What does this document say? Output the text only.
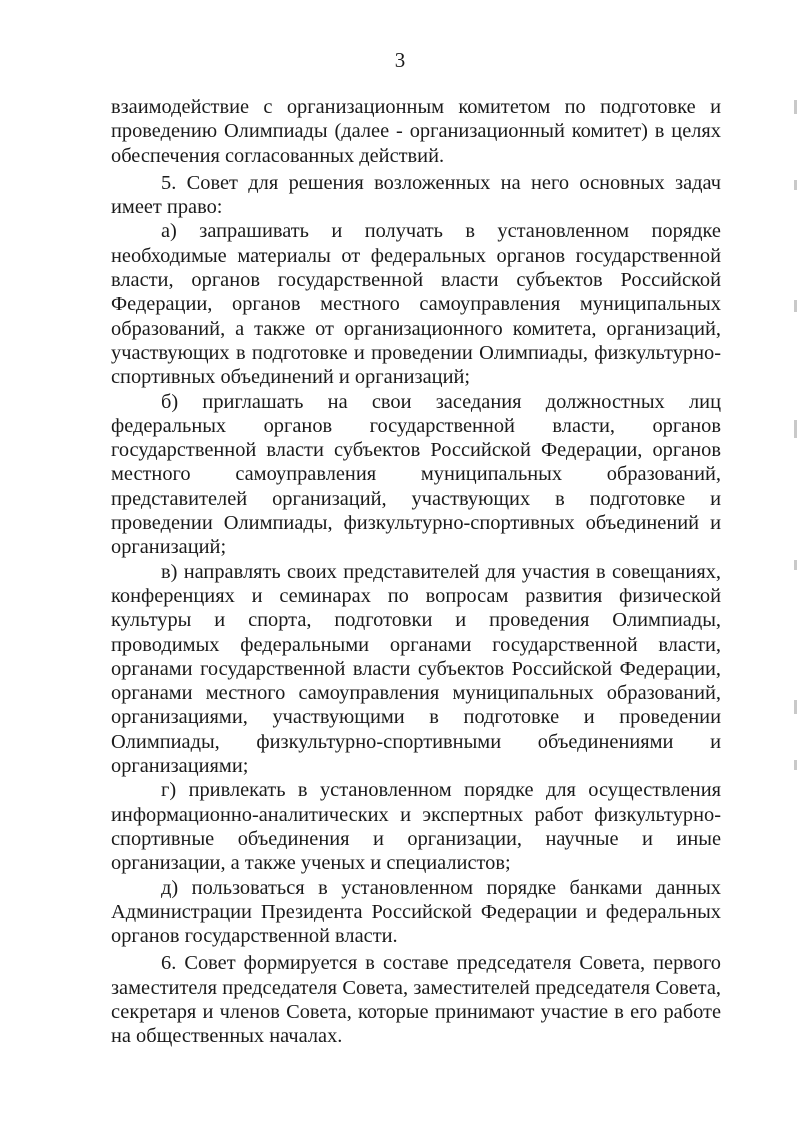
3

взаимодействие с организационным комитетом по подготовке и проведению Олимпиады (далее - организационный комитет) в целях обеспечения согласованных действий.

5. Совет для решения возложенных на него основных задач имеет право:

а) запрашивать и получать в установленном порядке необходимые материалы от федеральных органов государственной власти, органов государственной власти субъектов Российской Федерации, органов местного самоуправления муниципальных образований, а также от организационного комитета, организаций, участвующих в подготовке и проведении Олимпиады, физкультурно-спортивных объединений и организаций;

б) приглашать на свои заседания должностных лиц федеральных органов государственной власти, органов государственной власти субъектов Российской Федерации, органов местного самоуправления муниципальных образований, представителей организаций, участвующих в подготовке и проведении Олимпиады, физкультурно-спортивных объединений и организаций;

в) направлять своих представителей для участия в совещаниях, конференциях и семинарах по вопросам развития физической культуры и спорта, подготовки и проведения Олимпиады, проводимых федеральными органами государственной власти, органами государственной власти субъектов Российской Федерации, органами местного самоуправления муниципальных образований, организациями, участвующими в подготовке и проведении Олимпиады, физкультурно-спортивными объединениями и организациями;

г) привлекать в установленном порядке для осуществления информационно-аналитических и экспертных работ физкультурно-спортивные объединения и организации, научные и иные организации, а также ученых и специалистов;

д) пользоваться в установленном порядке банками данных Администрации Президента Российской Федерации и федеральных органов государственной власти.

6. Совет формируется в составе председателя Совета, первого заместителя председателя Совета, заместителей председателя Совета, секретаря и членов Совета, которые принимают участие в его работе на общественных началах.
